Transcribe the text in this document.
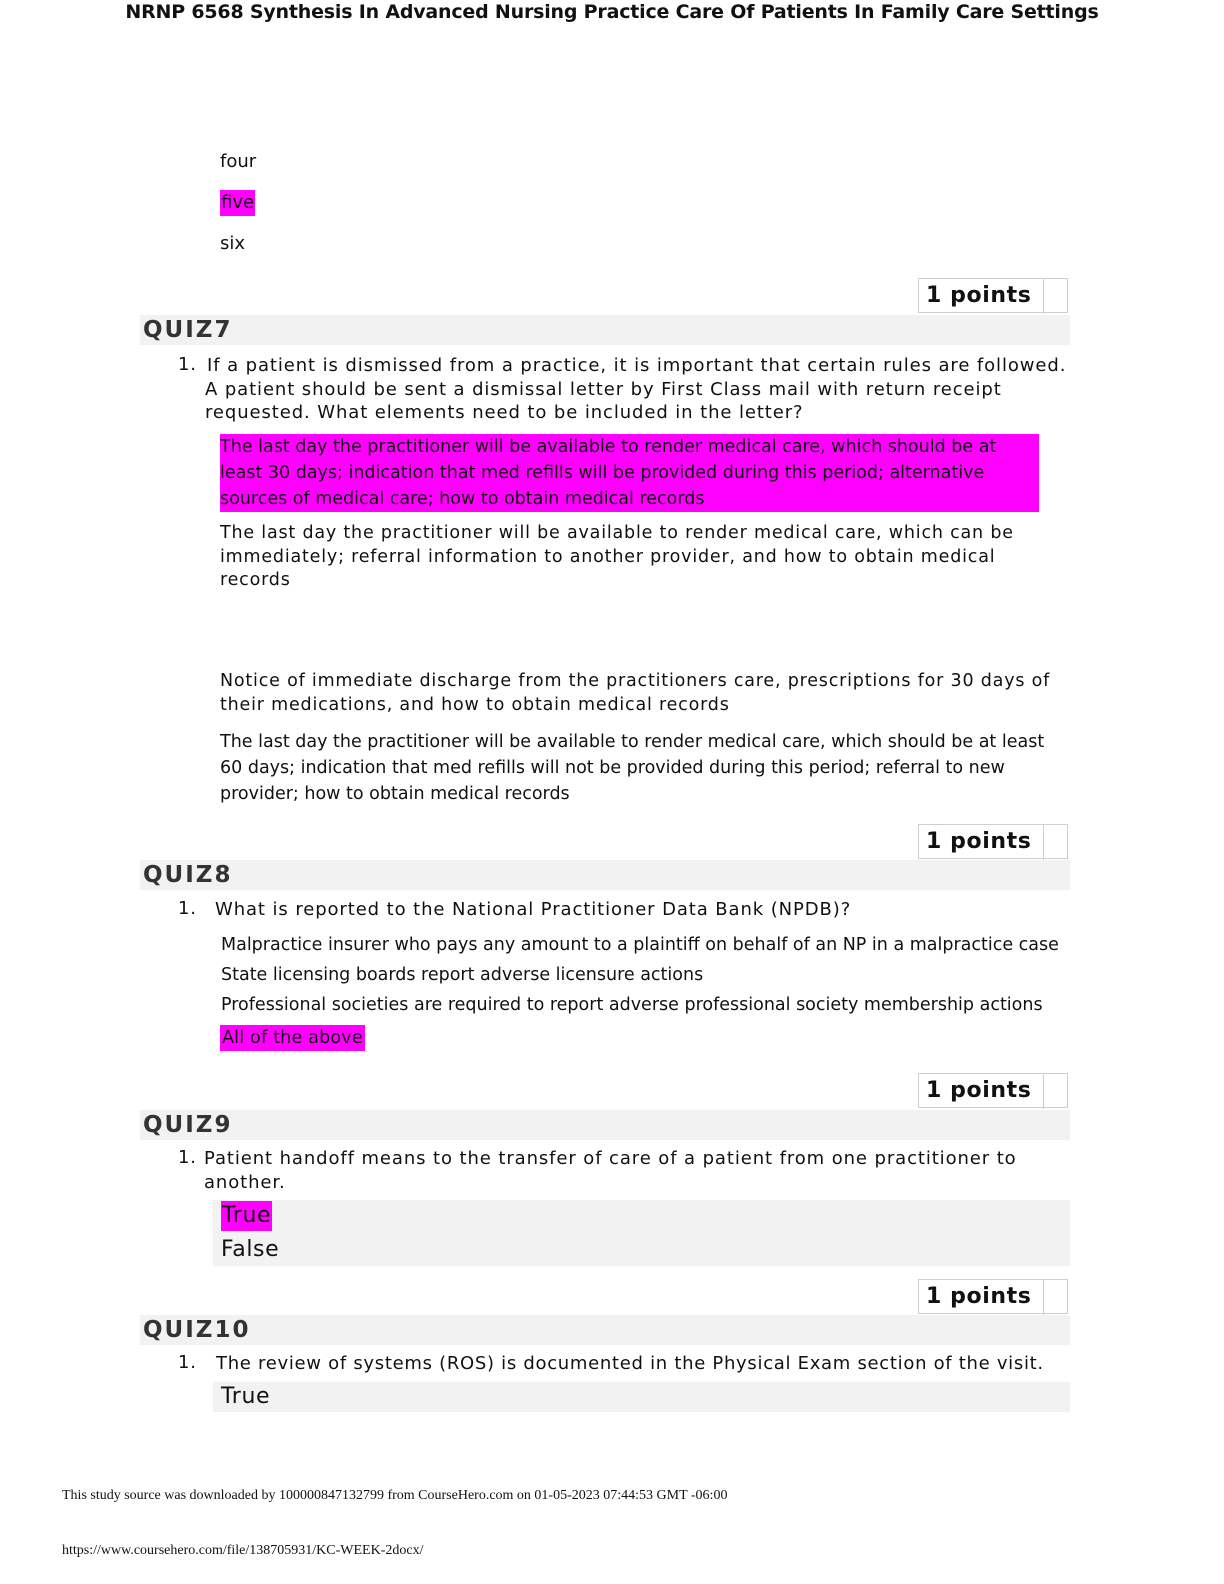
NRNP 6568 Synthesis In Advanced Nursing Practice Care Of Patients In Family Care Settings
four
five
six
1 points
QUIZ7
1. If a patient is dismissed from a practice, it is important that certain rules are followed. A patient should be sent a dismissal letter by First Class mail with return receipt requested. What elements need to be included in the letter?
The last day the practitioner will be available to render medical care, which should be at least 30 days; indication that med refills will be provided during this period; alternative sources of medical care; how to obtain medical records
The last day the practitioner will be available to render medical care, which can be immediately; referral information to another provider, and how to obtain medical records
Notice of immediate discharge from the practitioners care, prescriptions for 30 days of their medications, and how to obtain medical records
The last day the practitioner will be available to render medical care, which should be at least 60 days; indication that med refills will not be provided during this period; referral to new provider; how to obtain medical records
1 points
QUIZ8
1. What is reported to the National Practitioner Data Bank (NPDB)?
Malpractice insurer who pays any amount to a plaintiff on behalf of an NP in a malpractice case
State licensing boards report adverse licensure actions
Professional societies are required to report adverse professional society membership actions
All of the above
1 points
QUIZ9
1. Patient handoff means to the transfer of care of a patient from one practitioner to another.
True
False
1 points
QUIZ10
1. The review of systems (ROS) is documented in the Physical Exam section of the visit.
True
This study source was downloaded by 100000847132799 from CourseHero.com on 01-05-2023 07:44:53 GMT -06:00
https://www.coursehero.com/file/138705931/KC-WEEK-2docx/
